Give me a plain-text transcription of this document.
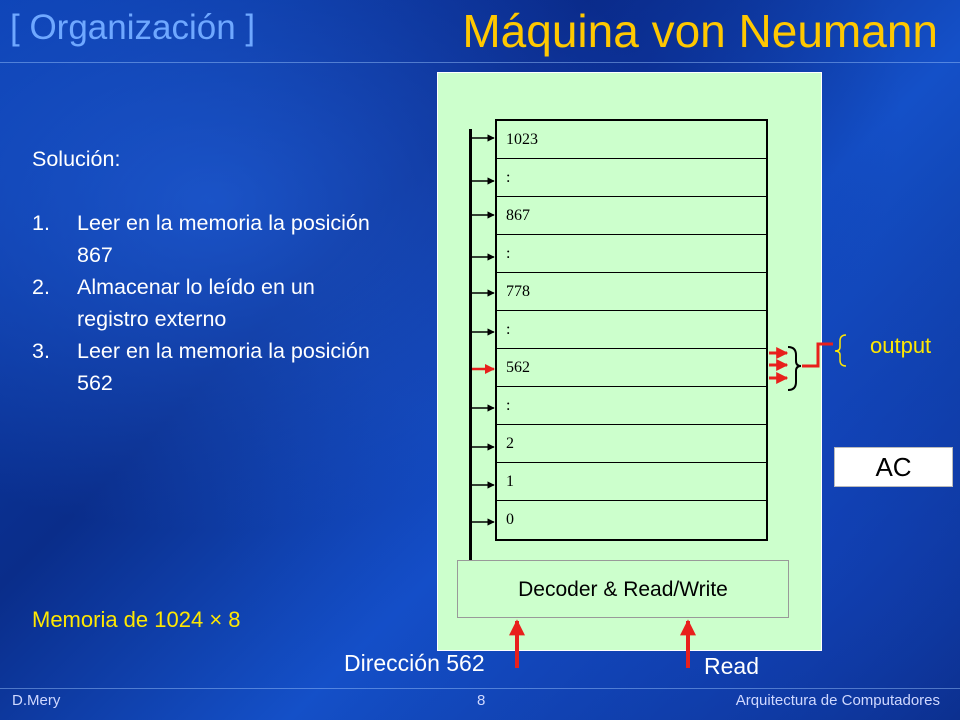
[ Organización ]	Máquina von Neumann
Solución:
1.	Leer en la memoria la posición 867
2.	Almacenar lo leído en un registro externo
3.	Leer en la memoria la posición 562
Memoria de 1024 × 8
1023
:
867
:
778
:
562
:
2
1
0
Decoder & Read/Write
output
AC
Dirección 562	Read
D.Mery	8	Arquitectura de Computadores
